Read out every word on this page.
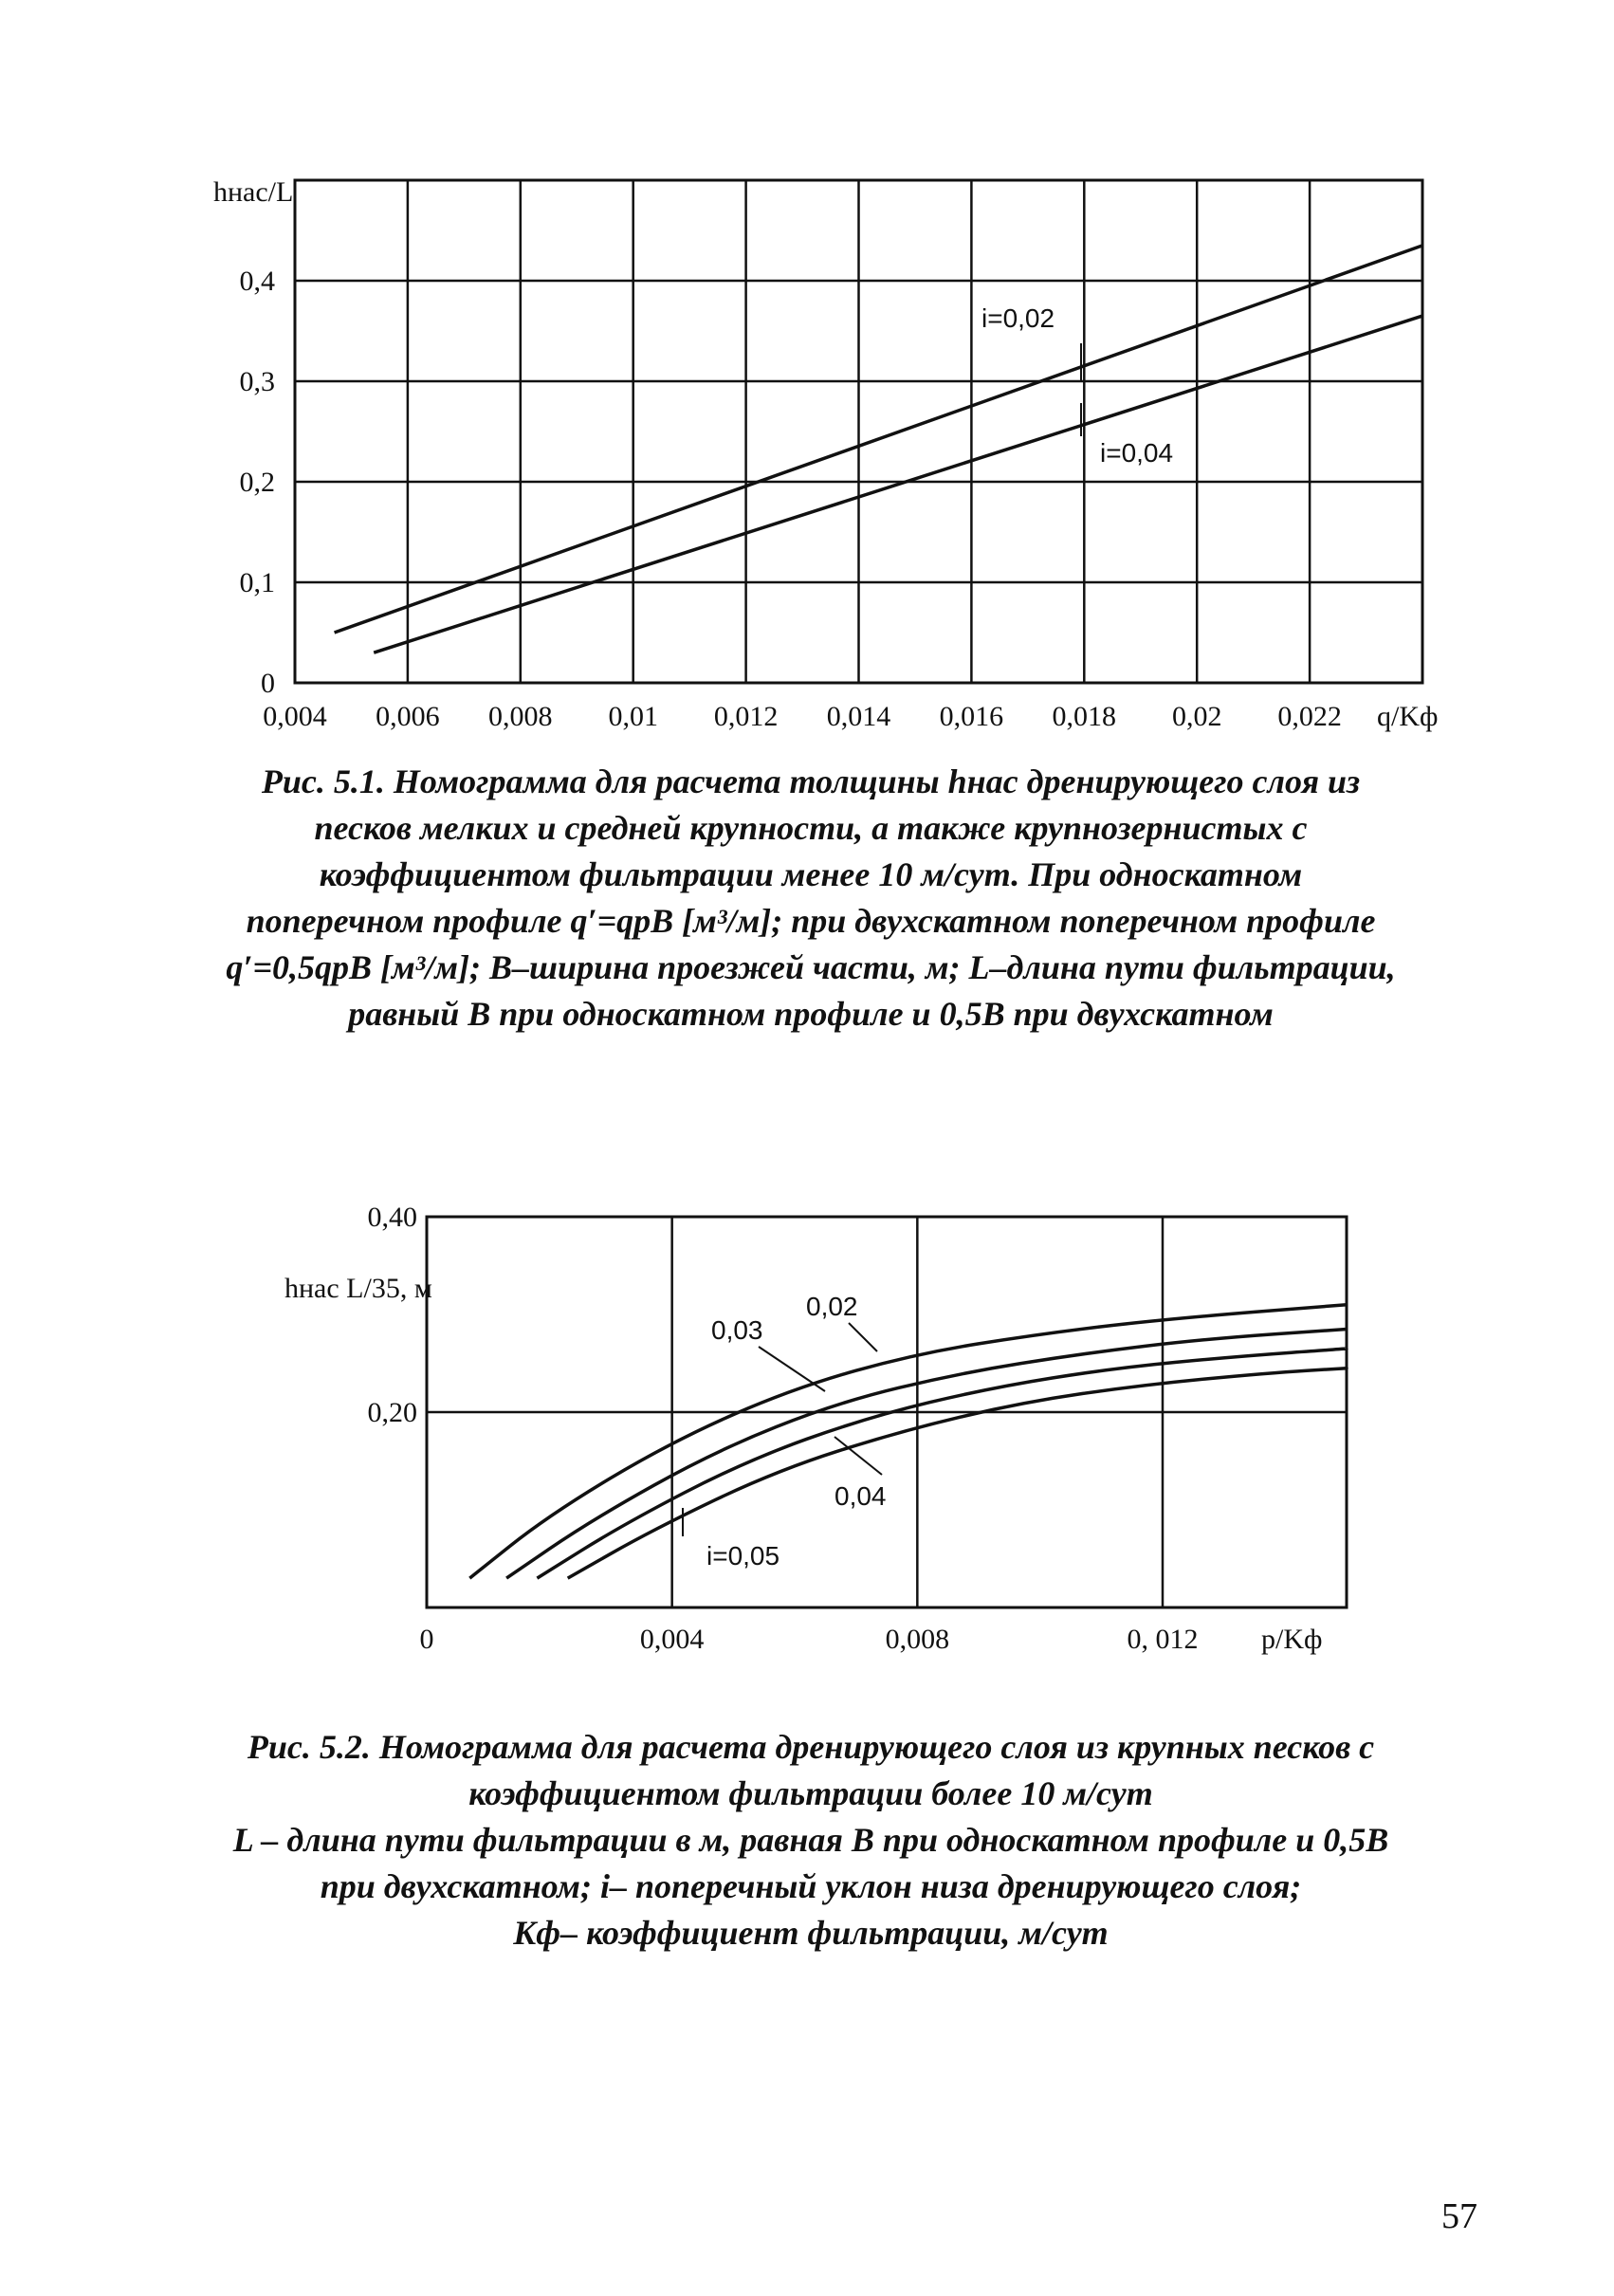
0,004 0,006 0,008 0,01 0,012 0,014 0,016 0,018 0,02 0,022
0
0,1
0,2
0,3
0,4
i=0,02
i=0,04
hнас/L
q/Kф
0	0,004	0,008	0, 012
0,40
0,20
0,02
0,03
0,04
i=0,05
hнас L/35, м
р/Kф
Рис. 5.1. Номограмма для расчета толщины hнас дренирующего слоя из
песков мелких и средней крупности, а также крупнозернистых с
коэффициентом фильтрации менее 10 м/сут. При односкатном
поперечном профиле q′=qрB [м³/м]; при двухскатном поперечном профиле
q′=0,5qрB [м³/м]; B–ширина проезжей части, м; L–длина пути фильтрации,
равный B при односкатном профиле и 0,5B при двухскатном
Рис. 5.2. Номограмма для расчета дренирующего слоя из крупных песков с
коэффициентом фильтрации более 10 м/сут
L – длина пути фильтрации в м, равная B при односкатном профиле и 0,5B
при двухскатном; i– поперечный уклон низа дренирующего слоя;
Kф– коэффициент фильтрации, м/сут
57
